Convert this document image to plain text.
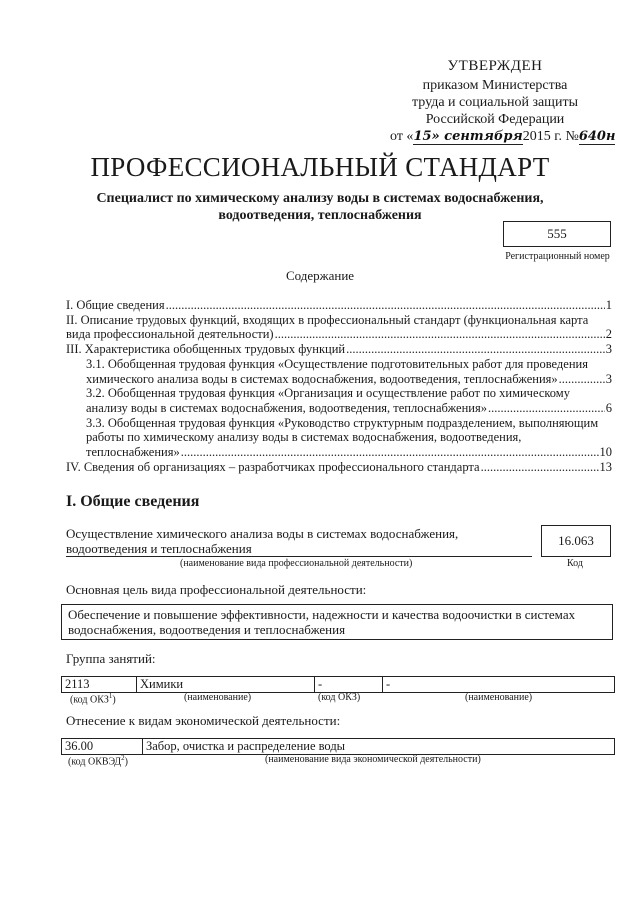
УТВЕРЖДЕН
приказом Министерства
труда и социальной защиты
Российской Федерации
от «15» сентября2015 г. №640н
ПРОФЕССИОНАЛЬНЫЙ СТАНДАРТ
Специалист по химическому анализу воды в системах водоснабжения,
водоотведения, теплоснабжения
555
Регистрационный номер
Содержание
I. Общие сведения .....	1
II. Описание трудовых функций, входящих в профессиональный стандарт (функциональная карта
вида профессиональной деятельности) .....	2
III. Характеристика обобщенных трудовых функций .....	3
3.1. Обобщенная трудовая функция «Осуществление подготовительных работ для проведения
химического анализа воды в системах водоснабжения, водоотведения, теплоснабжения» .....	3
3.2. Обобщенная трудовая функция «Организация и осуществление работ по химическому
анализу воды в системах водоснабжения, водоотведения, теплоснабжения» .....	6
3.3. Обобщенная трудовая функция «Руководство структурным подразделением, выполняющим
работы по химическому анализу воды в системах водоснабжения, водоотведения,
теплоснабжения» .....	10
IV. Сведения об организациях – разработчиках профессионального стандарта .....	13
I. Общие сведения
Осуществление химического анализа воды в системах водоснабжения,
водоотведения и теплоснабжения
(наименование вида профессиональной деятельности)
16.063
Код
Основная цель вида профессиональной деятельности:
Обеспечение и повышение эффективности, надежности и качества водоочистки в системах
водоснабжения, водоотведения и теплоснабжения
Группа занятий:
2113	Химики	-	-
(код ОКЗ$^1$)	(наименование)	(код ОКЗ)	(наименование)
Отнесение к видам экономической деятельности:
36.00	Забор, очистка и распределение воды
(код ОКВЭД$^2$)	(наименование вида экономической деятельности)
